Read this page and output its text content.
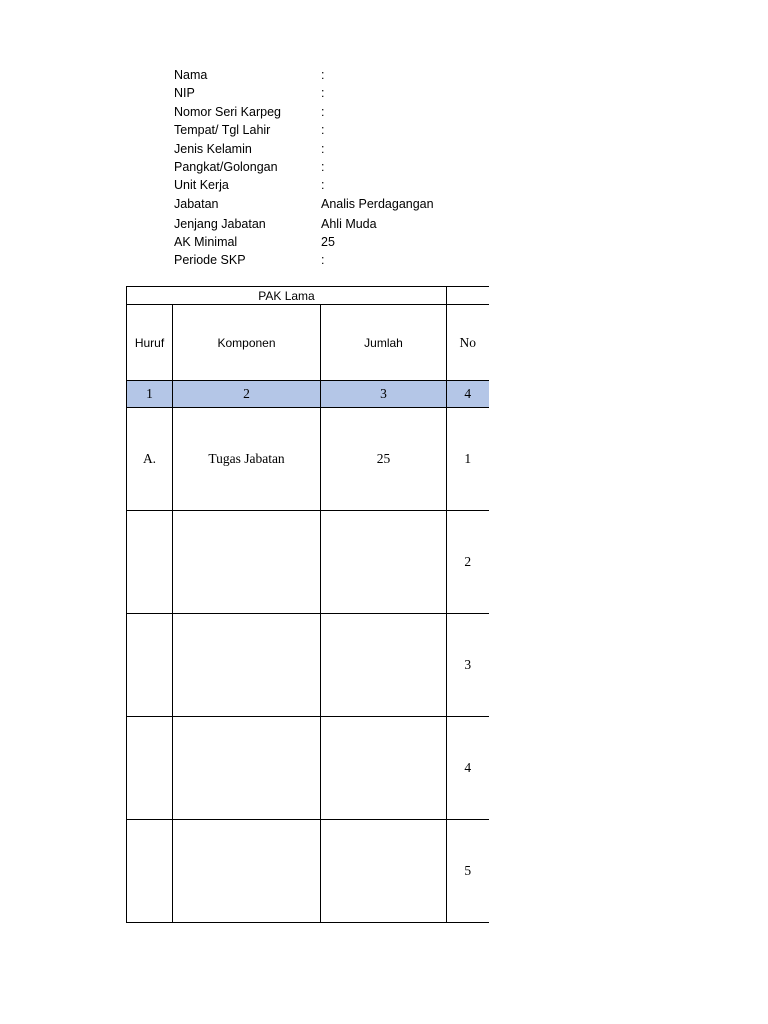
Nama	:
NIP	:
Nomor Seri Karpeg	:
Tempat/ Tgl Lahir	:
Jenis Kelamin	:
Pangkat/Golongan	:
Unit Kerja	:
Jabatan	Analis Perdagangan
Jenjang Jabatan	Ahli Muda
AK Minimal	25
Periode SKP	:
PAK Lama			
Huruf	Komponen	Jumlah	No
1	2	3	4
A.	Tugas Jabatan	25	1
			2
			3
			4
			5
